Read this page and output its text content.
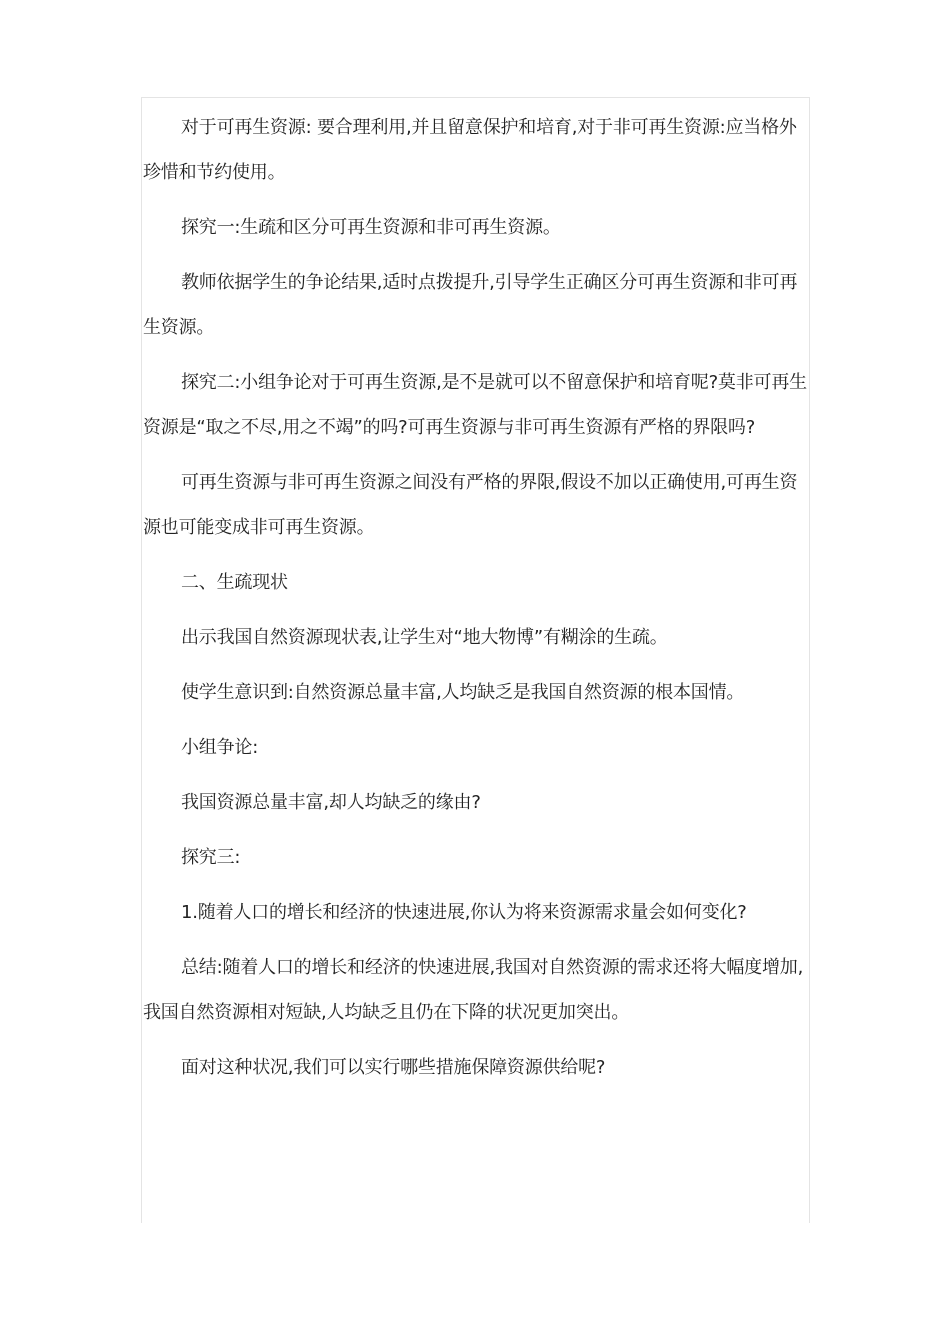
对于可再生资源: 要合理利用,并且留意保护和培育,对于非可再生资源:应当格外珍惜和节约使用。

探究一:生疏和区分可再生资源和非可再生资源。

教师依据学生的争论结果,适时点拨提升,引导学生正确区分可再生资源和非可再生资源。

探究二:小组争论对于可再生资源,是不是就可以不留意保护和培育呢?莫非可再生资源是“取之不尽,用之不竭”的吗?可再生资源与非可再生资源有严格的界限吗?

可再生资源与非可再生资源之间没有严格的界限,假设不加以正确使用,可再生资源也可能变成非可再生资源。

二、生疏现状

出示我国自然资源现状表,让学生对“地大物博”有糊涂的生疏。

使学生意识到:自然资源总量丰富,人均缺乏是我国自然资源的根本国情。

小组争论:

我国资源总量丰富,却人均缺乏的缘由?

探究三:

1.随着人口的增长和经济的快速进展,你认为将来资源需求量会如何变化?

总结:随着人口的增长和经济的快速进展,我国对自然资源的需求还将大幅度增加,我国自然资源相对短缺,人均缺乏且仍在下降的状况更加突出。

面对这种状况,我们可以实行哪些措施保障资源供给呢?
